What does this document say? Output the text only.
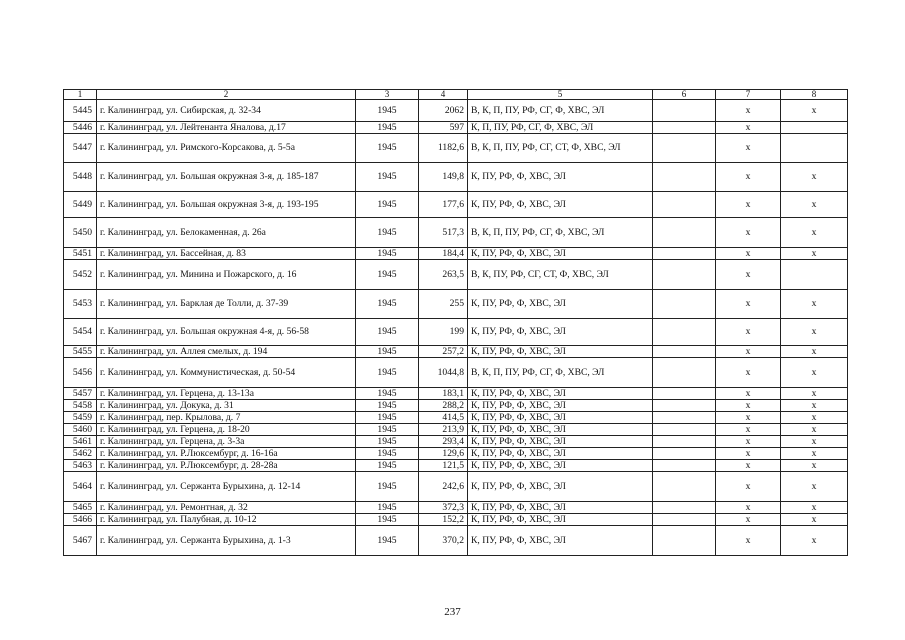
1	2	3	4	5	6	7	8
5445	г. Калининград, ул. Сибирская, д. 32-34	1945	2062	В, К, П, ПУ, РФ, СГ, Ф, ХВС, ЭЛ		х	х
5446	г. Калининград, ул. Лейтенанта Яналова, д.17	1945	597	К, П, ПУ, РФ, СГ, Ф, ХВС, ЭЛ		х	
5447	г. Калининград, ул. Римского-Корсакова, д. 5-5а	1945	1182,6	В, К, П, ПУ, РФ, СГ, СТ, Ф, ХВС, ЭЛ		х	
5448	г. Калининград, ул. Большая окружная 3-я, д. 185-187	1945	149,8	К, ПУ, РФ, Ф, ХВС, ЭЛ		х	х
5449	г. Калининград, ул. Большая окружная 3-я, д. 193-195	1945	177,6	К, ПУ, РФ, Ф, ХВС, ЭЛ		х	х
5450	г. Калининград, ул. Белокаменная, д. 26а	1945	517,3	В, К, П, ПУ, РФ, СГ, Ф, ХВС, ЭЛ		х	х
5451	г. Калининград, ул. Бассейная, д. 83	1945	184,4	К, ПУ, РФ, Ф, ХВС, ЭЛ		х	х
5452	г. Калининград, ул. Минина и Пожарского, д. 16	1945	263,5	В, К, ПУ, РФ, СГ, СТ, Ф, ХВС, ЭЛ		х	
5453	г. Калининград, ул. Барклая де Толли, д. 37-39	1945	255	К, ПУ, РФ, Ф, ХВС, ЭЛ		х	х
5454	г. Калининград, ул. Большая окружная 4-я, д. 56-58	1945	199	К, ПУ, РФ, Ф, ХВС, ЭЛ		х	х
5455	г. Калининград, ул. Аллея смелых, д. 194	1945	257,2	К, ПУ, РФ, Ф, ХВС, ЭЛ		х	х
5456	г. Калининград, ул. Коммунистическая, д. 50-54	1945	1044,8	В, К, П, ПУ, РФ, СГ, Ф, ХВС, ЭЛ		х	х
5457	г. Калининград, ул. Герцена, д. 13-13а	1945	183,1	К, ПУ, РФ, Ф, ХВС, ЭЛ		х	х
5458	г. Калининград, ул. Докука, д. 31	1945	288,2	К, ПУ, РФ, Ф, ХВС, ЭЛ		х	х
5459	г. Калининград, пер. Крылова, д. 7	1945	414,5	К, ПУ, РФ, Ф, ХВС, ЭЛ		х	х
5460	г. Калининград, ул. Герцена, д. 18-20	1945	213,9	К, ПУ, РФ, Ф, ХВС, ЭЛ		х	х
5461	г. Калининград, ул. Герцена, д. 3-3а	1945	293,4	К, ПУ, РФ, Ф, ХВС, ЭЛ		х	х
5462	г. Калининград, ул. Р.Люксембург, д. 16-16а	1945	129,6	К, ПУ, РФ, Ф, ХВС, ЭЛ		х	х
5463	г. Калининград, ул. Р.Люксембург, д. 28-28а	1945	121,5	К, ПУ, РФ, Ф, ХВС, ЭЛ		х	х
5464	г. Калининград, ул. Сержанта Бурыхина, д. 12-14	1945	242,6	К, ПУ, РФ, Ф, ХВС, ЭЛ		х	х
5465	г. Калининград, ул. Ремонтная, д. 32	1945	372,3	К, ПУ, РФ, Ф, ХВС, ЭЛ		х	х
5466	г. Калининград, ул. Палубная, д. 10-12	1945	152,2	К, ПУ, РФ, Ф, ХВС, ЭЛ		х	х
5467	г. Калининград, ул. Сержанта Бурыхина, д. 1-3	1945	370,2	К, ПУ, РФ, Ф, ХВС, ЭЛ		х	х
237
